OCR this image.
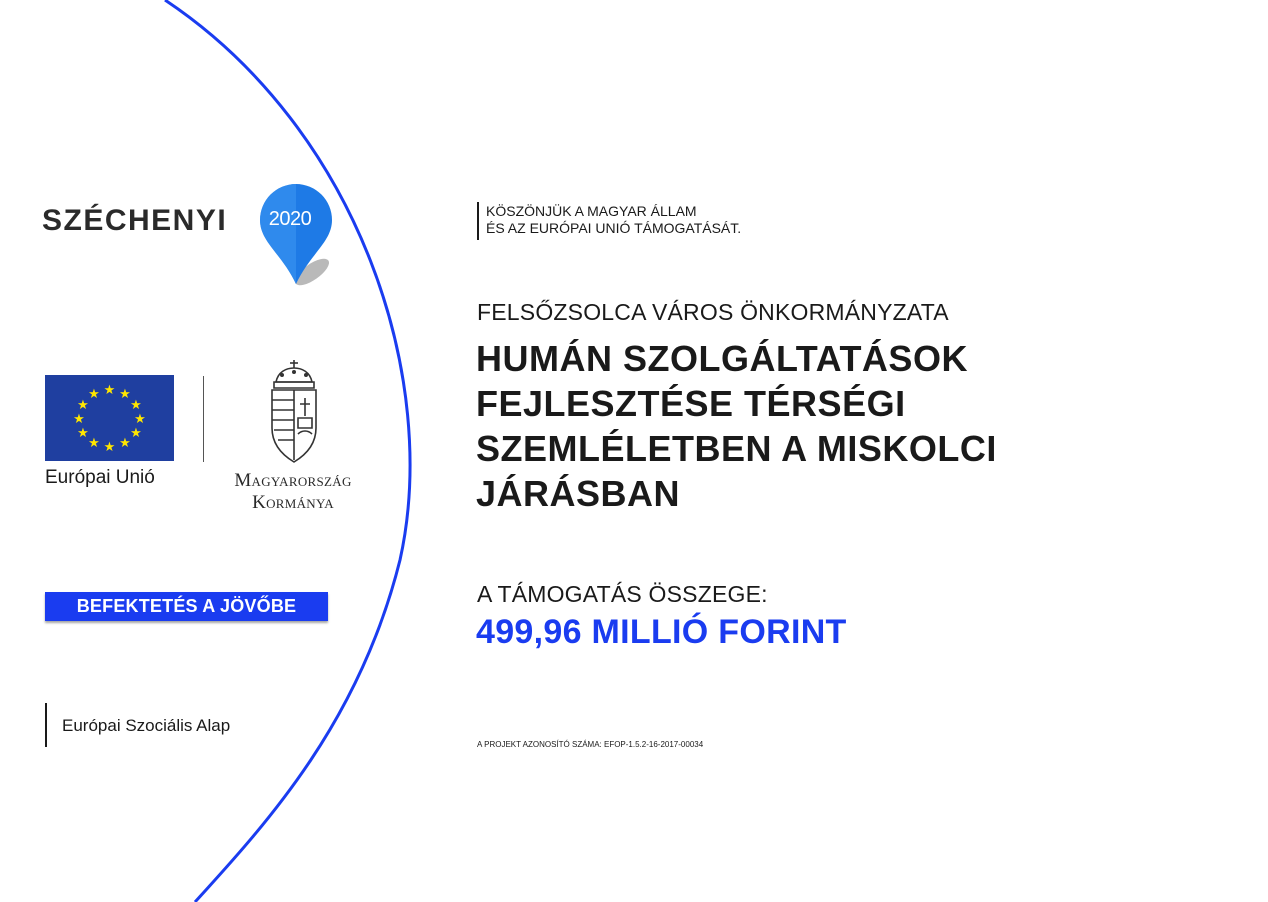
SZÉCHENYI 2020
★ ★
★
★
★
★
★
★
★
★
★
★
Európai Unió	Magyarország
Kormánya
BEFEKTETÉS A JÖVŐBE
Európai Szociális Alap
KÖSZÖNJÜK A MAGYAR ÁLLAM
ÉS AZ EURÓPAI UNIÓ TÁMOGATÁSÁT.
FELSŐZSOLCA VÁROS ÖNKORMÁNYZATA
HUMÁN SZOLGÁLTATÁSOK
FEJLESZTÉSE TÉRSÉGI
SZEMLÉLETBEN A MISKOLCI
JÁRÁSBAN
A TÁMOGATÁS ÖSSZEGE:
499,96 MILLIÓ FORINT
A PROJEKT AZONOSÍTÓ SZÁMA: EFOP-1.5.2-16-2017-00034
